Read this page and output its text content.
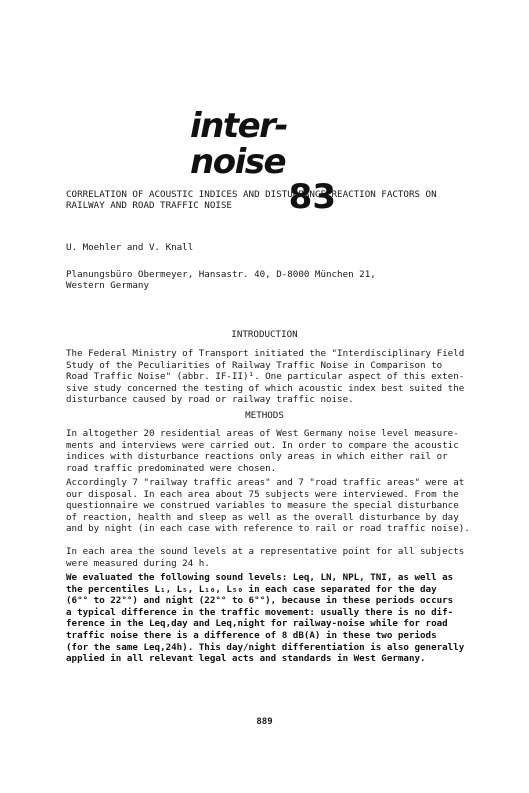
inter-noise
83
CORRELATION OF ACOUSTIC INDICES AND DISTURBANCE REACTION FACTORS ON
RAILWAY AND ROAD TRAFFIC NOISE
U. Moehler and V. Knall
Planungsbüro Obermeyer, Hansastr. 40, D-8000 München 21,
Western Germany
INTRODUCTION
The Federal Ministry of Transport initiated the "Interdisciplinary Field
Study of the Peculiarities of Railway Traffic Noise in Comparison to
Road Traffic Noise" (abbr. IF-II)¹. One particular aspect of this exten-
sive study concerned the testing of which acoustic index best suited the
disturbance caused by road or railway traffic noise.
METHODS
In altogether 20 residential areas of West Germany noise level measure-
ments and interviews were carried out. In order to compare the acoustic
indices with disturbance reactions only areas in which either rail or
road traffic predominated were chosen.
Accordingly 7 "railway traffic areas" and 7 "road traffic areas" were at
our disposal. In each area about 75 subjects were interviewed. From the
questionnaire we construed variables to measure the special disturbance
of reaction, health and sleep as well as the overall disturbance by day
and by night (in each case with reference to rail or road traffic noise).
In each area the sound levels at a representative point for all subjects
were measured during 24 h.
We evaluated the following sound levels: Leq, LN, NPL, TNI, as well as
the percentiles L₁, L₅, L₁₀, L₅₀ in each case separated for the day
(6°° to 22°°) and night (22°° to 6°°), because in these periods occurs
a typical difference in the traffic movement: usually there is no dif-
ference in the Leq,day and Leq,night for railway-noise while for road
traffic noise there is a difference of 8 dB(A) in these two periods
(for the same Leq,24h). This day/night differentiation is also generally
applied in all relevant legal acts and standards in West Germany.
889
